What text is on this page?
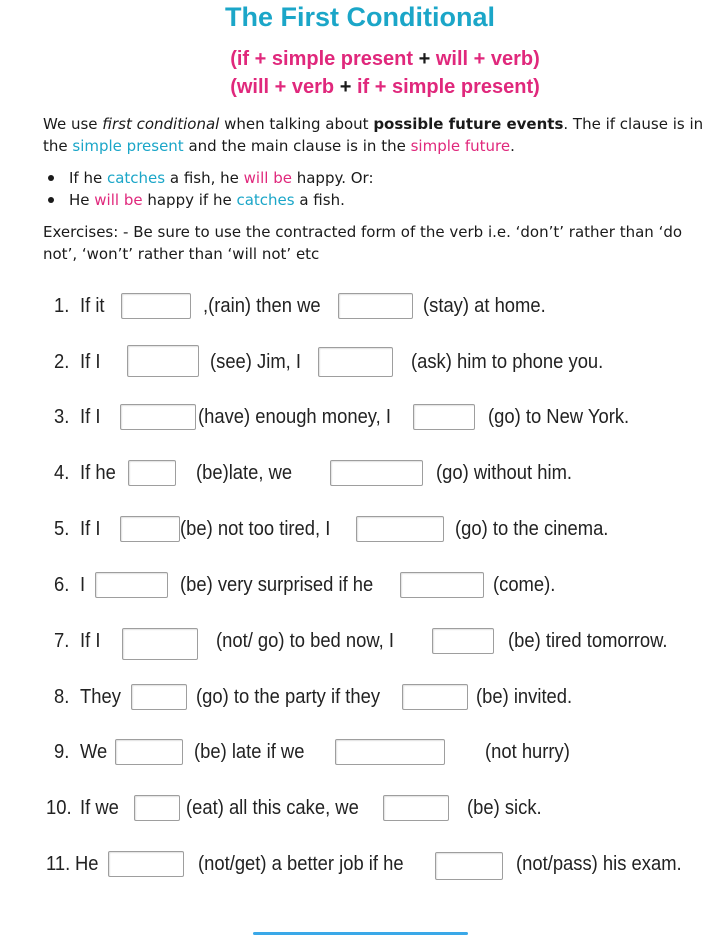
The First Conditional
(if + simple present + will + verb)
(will + verb + if + simple present)
We use first conditional when talking about possible future events. The if clause is in the simple present and the main clause is in the simple future.
If he catches a fish, he will be happy. Or:
He will be happy if he catches a fish.
Exercises: - Be sure to use the contracted form of the verb i.e. ‘don’t’ rather than ‘do not’, ‘won’t’ rather than ‘will not’ etc
1. If it	,(rain) then we	(stay) at home.
2. If I	(see) Jim, I	(ask) him to phone you.
3. If I	(have) enough money, I	(go) to New York.
4. If he	(be)late, we	(go) without him.
5. If I	(be) not too tired, I	(go) to the cinema.
6. I	(be) very surprised if he	(come).
7. If I	(not/ go) to bed now, I	(be) tired tomorrow.
8. They	(go) to the party if they	(be) invited.
9. We	(be) late if we	(not hurry)
10. If we	(eat) all this cake, we	(be) sick.
11. He	(not/get) a better job if he	(not/pass) his exam.
